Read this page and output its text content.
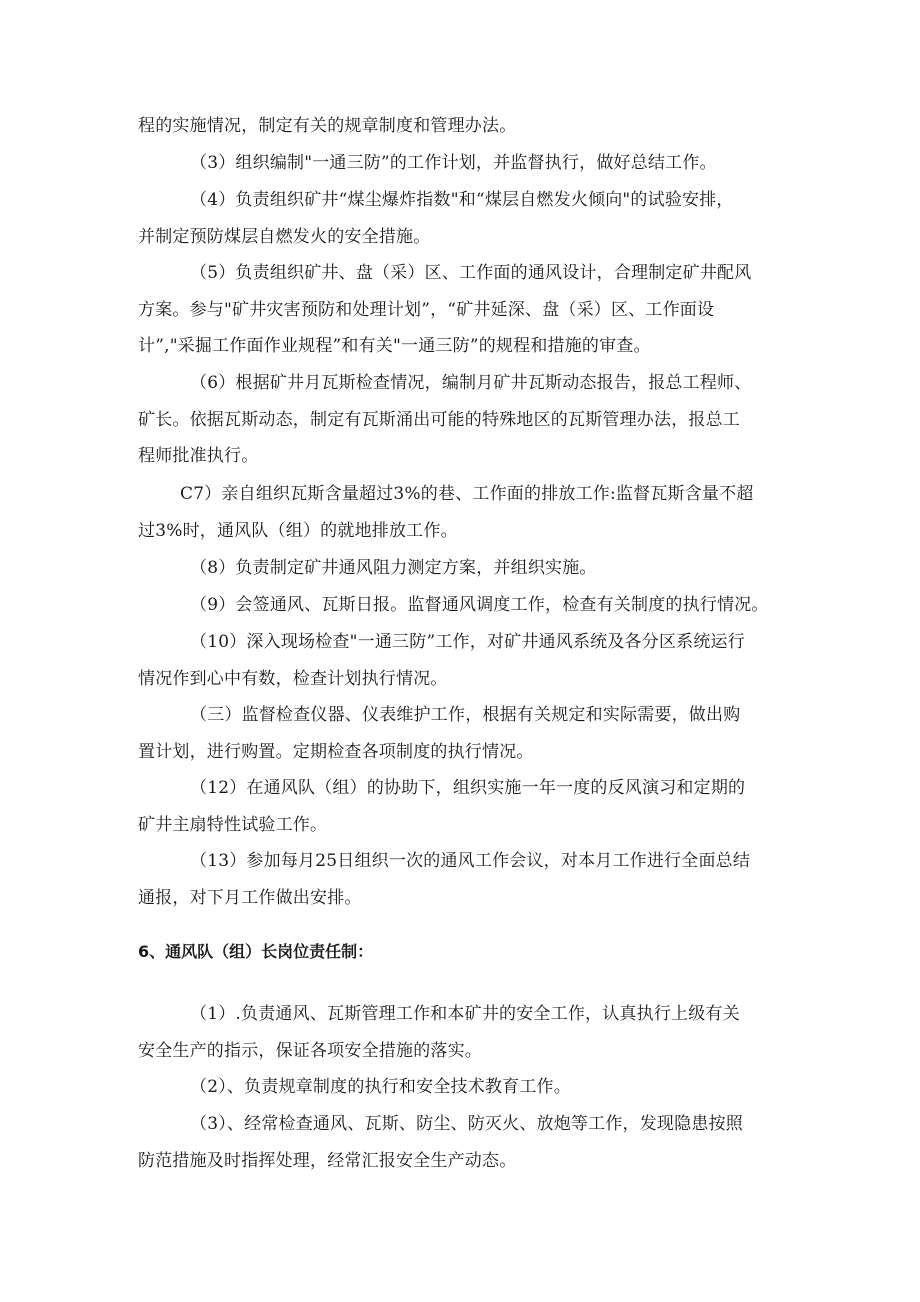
程的实施情况，制定有关的规章制度和管理办法。

（3）组织编制"一通三防”的工作计划，并监督执行，做好总结工作。

（4）负责组织矿井“煤尘爆炸指数"和“煤层自燃发火倾向"的试验安排，
并制定预防煤层自燃发火的安全措施。

（5）负责组织矿井、盘（采）区、工作面的通风设计，合理制定矿井配风
方案。参与"矿井灾害预防和处理计划”，“矿井延深、盘（采）区、工作面设
计”,"采掘工作面作业规程”和有关"一通三防”的规程和措施的审查。

（6）根据矿井月瓦斯检查情况，编制月矿井瓦斯动态报告，报总工程师、
矿长。依据瓦斯动态，制定有瓦斯涌出可能的特殊地区的瓦斯管理办法，报总工
程师批准执行。

C7）亲自组织瓦斯含量超过3%的巷、工作面的排放工作:监督瓦斯含量不超
过3%时，通风队（组）的就地排放工作。

（8）负责制定矿井通风阻力测定方案，并组织实施。

（9）会签通风、瓦斯日报。监督通风调度工作，检查有关制度的执行情况。

（10）深入现场检查"一通三防”工作，对矿井通风系统及各分区系统运行
情况作到心中有数，检查计划执行情况。

（三）监督检查仪器、仪表维护工作，根据有关规定和实际需要，做出购
置计划，进行购置。定期检查各项制度的执行情况。

（12）在通风队（组）的协助下，组织实施一年一度的反风演习和定期的
矿井主扇特性试验工作。

（13）参加每月25日组织一次的通风工作会议，对本月工作进行全面总结
通报，对下月工作做出安排。

6、通风队（组）长岗位责任制：

（1）.负责通风、瓦斯管理工作和本矿井的安全工作，认真执行上级有关
安全生产的指示，保证各项安全措施的落实。

（2）、负责规章制度的执行和安全技术教育工作。

（3）、经常检查通风、瓦斯、防尘、防灭火、放炮等工作，发现隐患按照
防范措施及时指挥处理，经常汇报安全生产动态。
